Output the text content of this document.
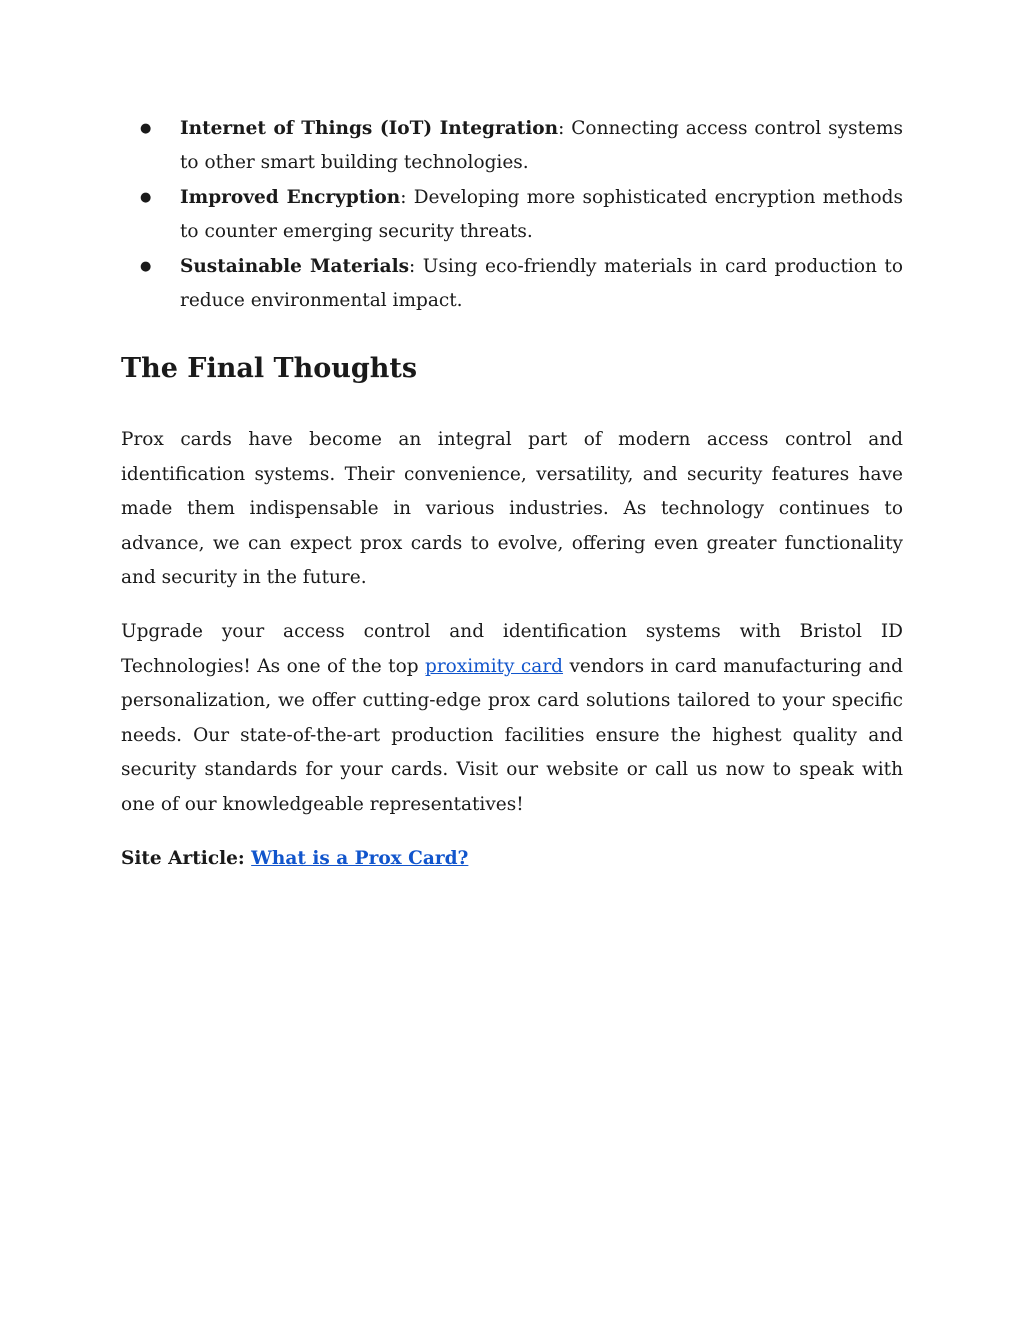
● Internet of Things (IoT) Integration: Connecting access control systems to other smart building technologies.
● Improved Encryption: Developing more sophisticated encryption methods to counter emerging security threats.
● Sustainable Materials: Using eco-friendly materials in card production to reduce environmental impact.
The Final Thoughts

Prox cards have become an integral part of modern access control and identification systems. Their convenience, versatility, and security features have made them indispensable in various industries. As technology continues to advance, we can expect prox cards to evolve, offering even greater functionality and security in the future.

Upgrade your access control and identification systems with Bristol ID Technologies! As one of the top proximity card vendors in card manufacturing and personalization, we offer cutting-edge prox card solutions tailored to your specific needs. Our state-of-the-art production facilities ensure the highest quality and security standards for your cards. Visit our website or call us now to speak with one of our knowledgeable representatives!

Site Article: What is a Prox Card?
